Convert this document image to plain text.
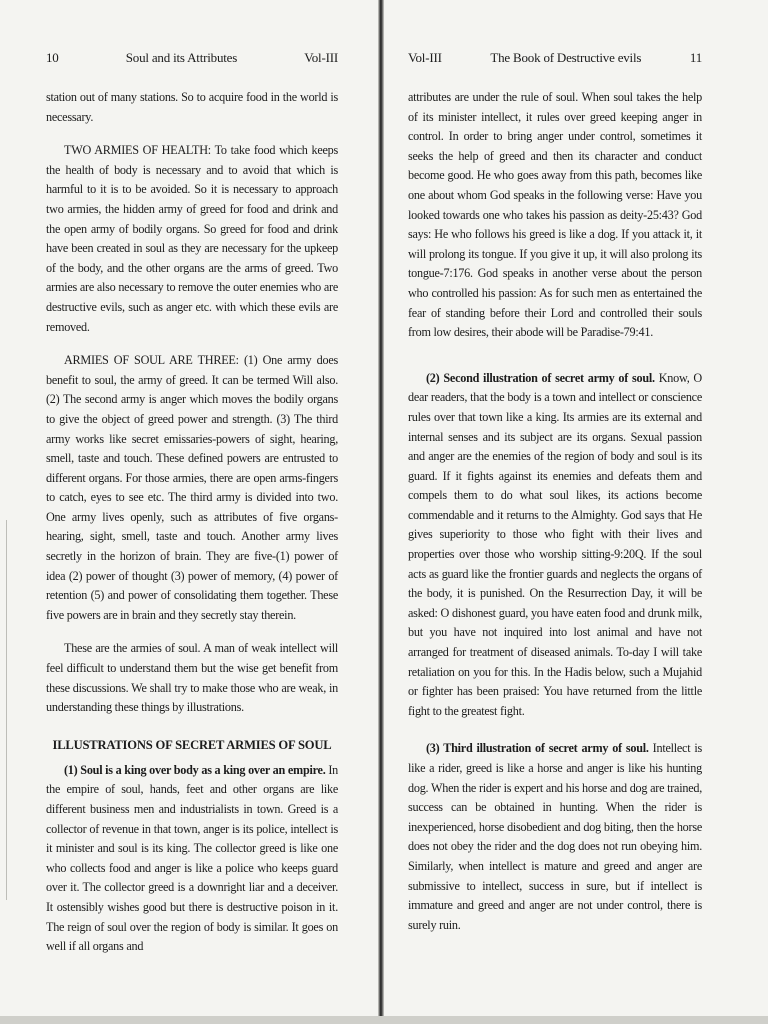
10	Soul and its Attributes	Vol-III

station out of many stations. So to acquire food in the world is necessary.

TWO ARMIES OF HEALTH: To take food which keeps the health of body is necessary and to avoid that which is harmful to it is to be avoided. So it is necessary to approach two armies, the hidden army of greed for food and drink and the open army of bodily organs. So greed for food and drink have been created in soul as they are necessary for the upkeep of the body, and the other organs are the arms of greed. Two armies are also necessary to remove the outer enemies who are destructive evils, such as anger etc. with which these evils are removed.

ARMIES OF SOUL ARE THREE: (1) One army does benefit to soul, the army of greed. It can be termed Will also. (2) The second army is anger which moves the bodily organs to give the object of greed power and strength. (3) The third army works like secret emissaries-powers of sight, hearing, smell, taste and touch. These defined powers are entrusted to different organs. For those armies, there are open arms-fingers to catch, eyes to see etc. The third army is divided into two. One army lives openly, such as attributes of five organs-hearing, sight, smell, taste and touch. Another army lives secretly in the horizon of brain. They are five-(1) power of idea (2) power of thought (3) power of memory, (4) power of retention (5) and power of consolidating them together. These five powers are in brain and they secretly stay therein.

These are the armies of soul. A man of weak intellect will feel difficult to understand them but the wise get benefit from these discussions. We shall try to make those who are weak, in understanding these things by illustrations.

ILLUSTRATIONS OF SECRET ARMIES OF SOUL

(1) Soul is a king over body as a king over an empire. In the empire of soul, hands, feet and other organs are like different business men and industrialists in town. Greed is a collector of revenue in that town, anger is its police, intellect is it minister and soul is its king. The collector greed is like one who collects food and anger is like a police who keeps guard over it. The collector greed is a downright liar and a deceiver. It ostensibly wishes good but there is destructive poison in it. The reign of soul over the region of body is similar. It goes on well if all organs and

Vol-III	The Book of Destructive evils	11

attributes are under the rule of soul. When soul takes the help of its minister intellect, it rules over greed keeping anger in control. In order to bring anger under control, sometimes it seeks the help of greed and then its character and conduct become good. He who goes away from this path, becomes like one about whom God speaks in the following verse: Have you looked towards one who takes his passion as deity-25:43? God says: He who follows his greed is like a dog. If you attack it, it will prolong its tongue. If you give it up, it will also prolong its tongue-7:176. God speaks in another verse about the person who controlled his passion: As for such men as entertained the fear of standing before their Lord and controlled their souls from low desires, their abode will be Paradise-79:41.

(2) Second illustration of secret army of soul. Know, O dear readers, that the body is a town and intellect or conscience rules over that town like a king. Its armies are its external and internal senses and its subject are its organs. Sexual passion and anger are the enemies of the region of body and soul is its guard. If it fights against its enemies and defeats them and compels them to do what soul likes, its actions become commendable and it returns to the Almighty. God says that He gives superiority to those who fight with their lives and properties over those who worship sitting-9:20Q. If the soul acts as guard like the frontier guards and neglects the organs of the body, it is punished. On the Resurrection Day, it will be asked: O dishonest guard, you have eaten food and drunk milk, but you have not inquired into lost animal and have not arranged for treatment of diseased animals. To-day I will take retaliation on you for this. In the Hadis below, such a Mujahid or fighter has been praised: You have returned from the little fight to the greatest fight.

(3) Third illustration of secret army of soul. Intellect is like a rider, greed is like a horse and anger is like his hunting dog. When the rider is expert and his horse and dog are trained, success can be obtained in hunting. When the rider is inexperienced, horse disobedient and dog biting, then the horse does not obey the rider and the dog does not run obeying him. Similarly, when intellect is mature and greed and anger are submissive to intellect, success in sure, but if intellect is immature and greed and anger are not under control, there is surely ruin.
